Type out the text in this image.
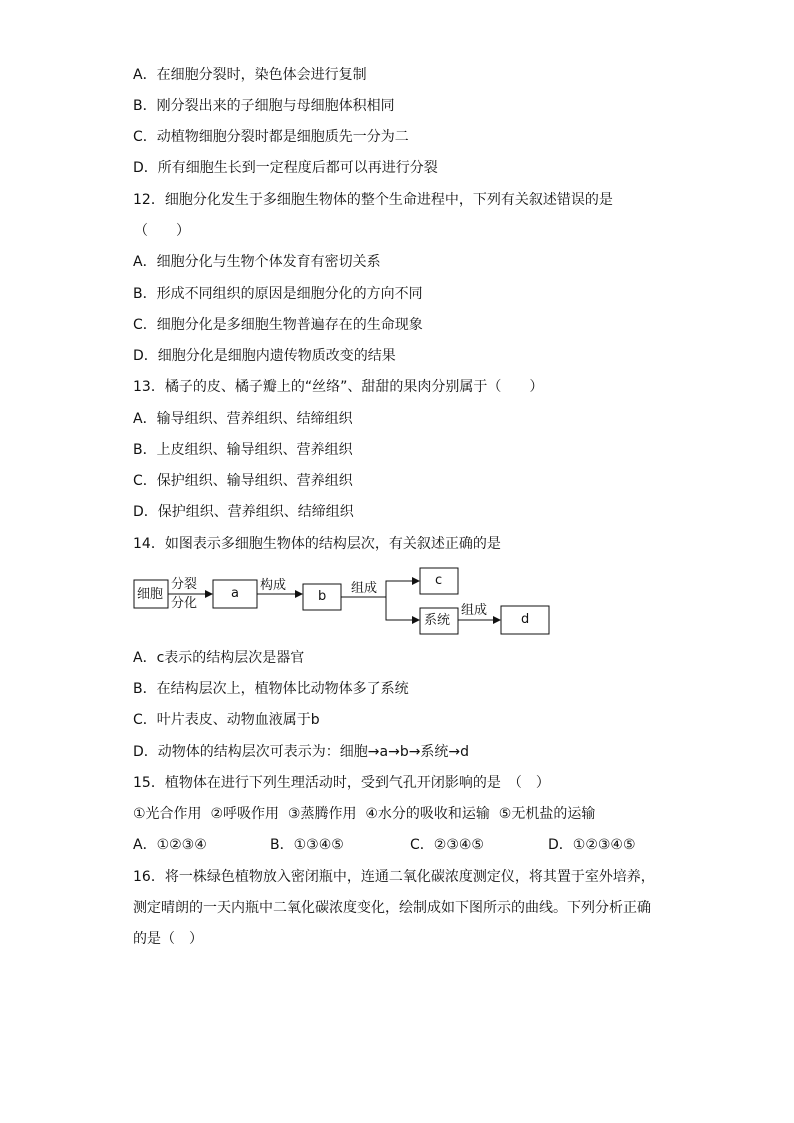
A．在细胞分裂时，染色体会进行复制
B．刚分裂出来的子细胞与母细胞体积相同
C．动植物细胞分裂时都是细胞质先一分为二
D．所有细胞生长到一定程度后都可以再进行分裂
12．细胞分化发生于多细胞生物体的整个生命进程中，下列有关叙述错误的是
（　　）
A．细胞分化与生物个体发育有密切关系
B．形成不同组织的原因是细胞分化的方向不同
C．细胞分化是多细胞生物普遍存在的生命现象
D．细胞分化是细胞内遗传物质改变的结果
13．橘子的皮、橘子瓣上的“丝络”、甜甜的果肉分别属于（　　）
A．输导组织、营养组织、结缔组织
B．上皮组织、输导组织、营养组织
C．保护组织、输导组织、营养组织
D．保护组织、营养组织、结缔组织
14．如图表示多细胞生物体的结构层次，有关叙述正确的是
细胞
分裂
分化
a
构成
b
组成
c
系统
组成
d
A．c表示的结构层次是器官
B．在结构层次上，植物体比动物体多了系统
C．叶片表皮、动物血液属于b
D．动物体的结构层次可表示为：细胞→a→b→系统→d
15．植物体在进行下列生理活动时，受到气孔开闭影响的是　（　）
①光合作用  ②呼吸作用  ③蒸腾作用  ④水分的吸收和运输  ⑤无机盐的运输
A．①②③④	B．①③④⑤	C．②③④⑤	D．①②③④⑤
16．将一株绿色植物放入密闭瓶中，连通二氧化碳浓度测定仪，将其置于室外培养，
测定晴朗的一天内瓶中二氧化碳浓度变化，绘制成如下图所示的曲线。下列分析正确
的是（　）
